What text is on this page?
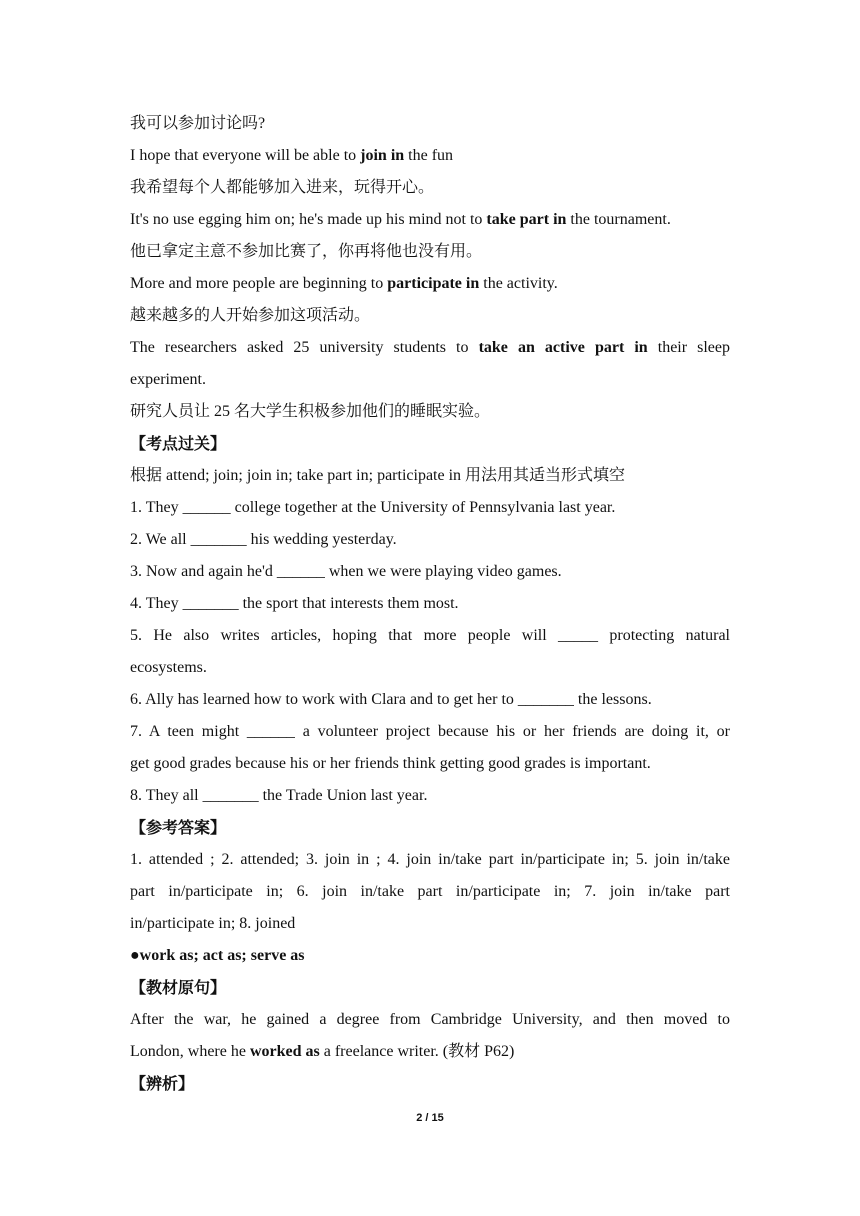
我可以参加讨论吗?
I hope that everyone will be able to join in the fun
我希望每个人都能够加入进来，玩得开心。
It's no use egging him on; he's made up his mind not to take part in the tournament.
他已拿定主意不参加比赛了，你再将他也没有用。
More and more people are beginning to participate in the activity.
越来越多的人开始参加这项活动。
The researchers asked 25 university students to take an active part in their sleep
experiment.
研究人员让 25 名大学生积极参加他们的睡眠实验。
【考点过关】
根据 attend; join; join in; take part in; participate in 用法用其适当形式填空
1. They ______ college together at the University of Pennsylvania last year.
2. We all _______ his wedding yesterday.
3. Now and again he'd ______ when we were playing video games.
4. They _______ the sport that interests them most.
5. He also writes articles, hoping that more people will _____ protecting natural
ecosystems.
6. Ally has learned how to work with Clara and to get her to _______ the lessons.
7. A teen might ______ a volunteer project because his or her friends are doing it, or
get good grades because his or her friends think getting good grades is important.
8. They all _______ the Trade Union last year.
【参考答案】
1. attended ; 2. attended; 3. join in ; 4. join in/take part in/participate in; 5. join in/take
part in/participate in; 6. join in/take part in/participate in; 7. join in/take part
in/participate in; 8. joined
●work as; act as; serve as
【教材原句】
After the war, he gained a degree from Cambridge University, and then moved to
London, where he worked as a freelance writer. (教材 P62)
【辨析】
2 / 15
